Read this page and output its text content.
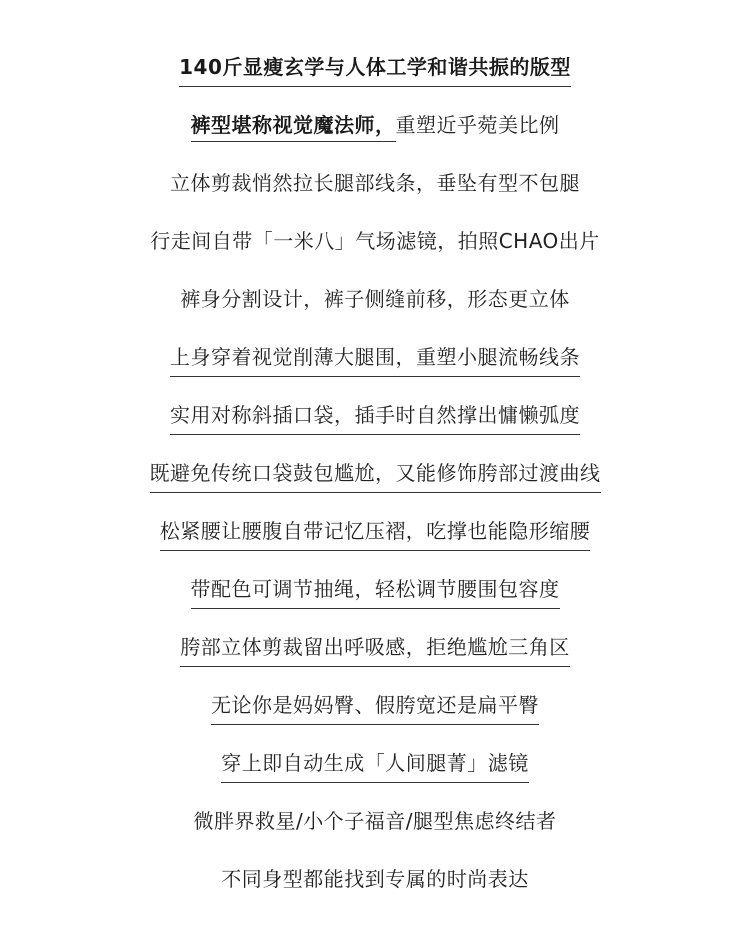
140斤显瘦玄学与人体工学和谐共振的版型
裤型堪称视觉魔法师，重塑近乎菀美比例
立体剪裁悄然拉长腿部线条，垂坠有型不包腿
行走间自带「一米八」气场滤镜，拍照CHAO出片
裤身分割设计，裤子侧缝前移，形态更立体
上身穿着视觉削薄大腿围，重塑小腿流畅线条
实用对称斜插口袋，插手时自然撑出慵懒弧度
既避免传统口袋鼓包尴尬，又能修饰胯部过渡曲线
松紧腰让腰腹自带记忆压褶，吃撑也能隐形缩腰
带配色可调节抽绳，轻松调节腰围包容度
胯部立体剪裁留出呼吸感，拒绝尴尬三角区
无论你是妈妈臀、假胯宽还是扁平臀
穿上即自动生成「人间腿菁」滤镜
微胖界救星/小个子福音/腿型焦虑终结者
不同身型都能找到专属的时尚表达
